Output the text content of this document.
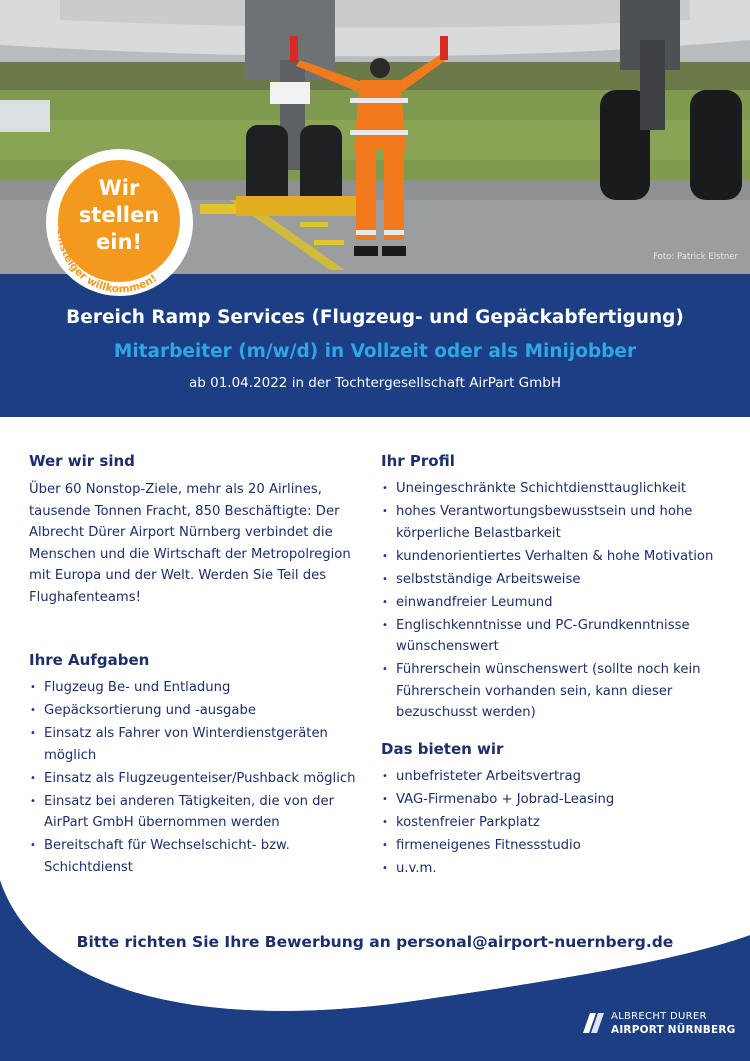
Foto: Patrick Elstner
Wir
stellen
ein!
Quereinsteiger willkommen!
Bereich Ramp Services (Flugzeug- und Gepäckabfertigung)
Mitarbeiter (m/w/d) in Vollzeit oder als Minijobber
ab 01.04.2022 in der Tochtergesellschaft AirPart GmbH
Wer wir sind

Über 60 Nonstop-Ziele, mehr als 20 Airlines, tausende Tonnen Fracht, 850 Beschäftigte: Der Albrecht Dürer Airport Nürnberg verbindet die Menschen und die Wirtschaft der Metropolregion mit Europa und der Welt. Werden Sie Teil des Flughafenteams!

Ihre Aufgaben
• Flugzeug Be- und Entladung
• Gepäcksortierung und -ausgabe
• Einsatz als Fahrer von Winterdienstgeräten möglich
• Einsatz als Flugzeugenteiser/Pushback möglich
• Einsatz bei anderen Tätigkeiten, die von der AirPart GmbH übernommen werden
• Bereitschaft für Wechselschicht- bzw. Schichtdienst
Ihr Profil
• Uneingeschränkte Schichtdiensttauglichkeit
• hohes Verantwortungsbewusstsein und hohe körperliche Belastbarkeit
• kundenorientiertes Verhalten & hohe Motivation
• selbstständige Arbeitsweise
• einwandfreier Leumund
• Englischkenntnisse und PC-Grundkenntnisse wünschenswert
• Führerschein wünschenswert (sollte noch kein Führerschein vorhanden sein, kann dieser bezuschusst werden)
Das bieten wir
• unbefristeter Arbeitsvertrag
• VAG-Firmenabo + Jobrad-Leasing
• kostenfreier Parkplatz
• firmeneigenes Fitnessstudio
• u.v.m.
Bitte richten Sie Ihre Bewerbung an personal@airport-nuernberg.de
ALBRECHT DURER
AIRPORT NÜRNBERG
